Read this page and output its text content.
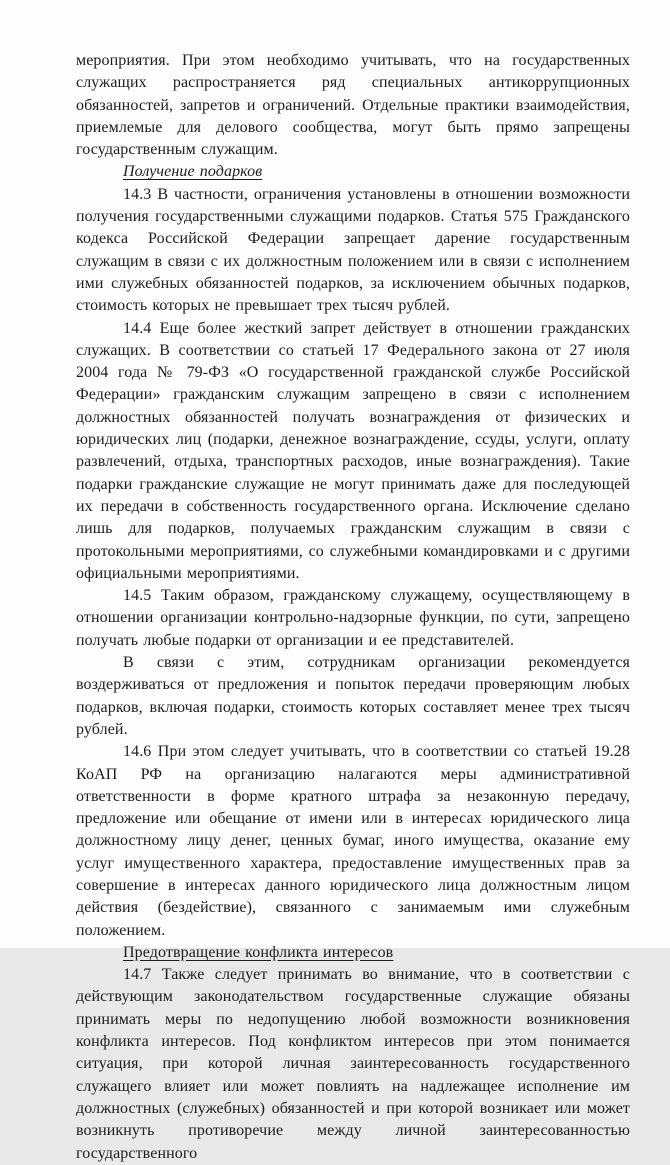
мероприятия. При этом необходимо учитывать, что на государственных служащих распространяется ряд специальных антикоррупционных обязанностей, запретов и ограничений. Отдельные практики взаимодействия, приемлемые для делового сообщества, могут быть прямо запрещены государственным служащим.

Получение подарков

14.3 В частности, ограничения установлены в отношении возможности получения государственными служащими подарков. Статья 575 Гражданского кодекса Российской Федерации запрещает дарение государственным служащим в связи с их должностным положением или в связи с исполнением ими служебных обязанностей подарков, за исключением обычных подарков, стоимость которых не превышает трех тысяч рублей.

14.4 Еще более жесткий запрет действует в отношении гражданских служащих. В соответствии со статьей 17 Федерального закона от 27 июля 2004 года № 79-ФЗ «О государственной гражданской службе Российской Федерации» гражданским служащим запрещено в связи с исполнением должностных обязанностей получать вознаграждения от физических и юридических лиц (подарки, денежное вознаграждение, ссуды, услуги, оплату развлечений, отдыха, транспортных расходов, иные вознаграждения). Такие подарки гражданские служащие не могут принимать даже для последующей их передачи в собственность государственного органа. Исключение сделано лишь для подарков, получаемых гражданским служащим в связи с протокольными мероприятиями, со служебными командировками и с другими официальными мероприятиями.

14.5 Таким образом, гражданскому служащему, осуществляющему в отношении организации контрольно-надзорные функции, по сути, запрещено получать любые подарки от организации и ее представителей.

В связи с этим, сотрудникам организации рекомендуется воздерживаться от предложения и попыток передачи проверяющим любых подарков, включая подарки, стоимость которых составляет менее трех тысяч рублей.

14.6 При этом следует учитывать, что в соответствии со статьей 19.28 КоАП РФ на организацию налагаются меры административной ответственности в форме кратного штрафа за незаконную передачу, предложение или обещание от имени или в интересах юридического лица должностному лицу денег, ценных бумаг, иного имущества, оказание ему услуг имущественного характера, предоставление имущественных прав за совершение в интересах данного юридического лица должностным лицом действия (бездействие), связанного с занимаемым ими служебным положением.

Предотвращение конфликта интересов

14.7 Также следует принимать во внимание, что в соответствии с действующим законодательством государственные служащие обязаны принимать меры по недопущению любой возможности возникновения конфликта интересов. Под конфликтом интересов при этом понимается ситуация, при которой личная заинтересованность государственного служащего влияет или может повлиять на надлежащее исполнение им должностных (служебных) обязанностей и при которой возникает или может возникнуть противоречие между личной заинтересованностью государственного
